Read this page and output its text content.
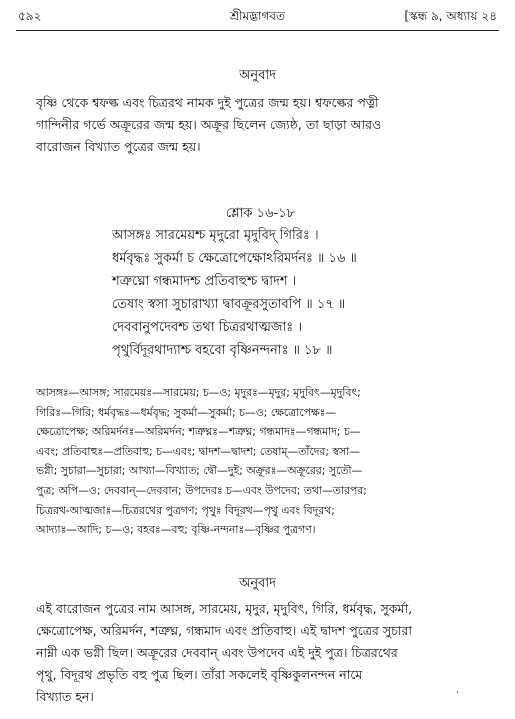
৫৯২	শ্রীমদ্ভাগবত	[স্কন্ধ ৯, অধ্যায় ২৪
অনুবাদ
বৃষ্ণি থেকে শ্বফল্ক এবং চিত্ররথ নামক দুই পুত্রের জন্ম হয়। শ্বফল্কের পত্নী
গান্দিনীর গর্ভে অক্রূরের জন্ম হয়। অক্রূর ছিলেন জ্যেষ্ঠ, তা ছাড়া আরও
বারোজন বিখ্যাত পুত্রের জন্ম হয়।
শ্লোক ১৬-১৮
আসঙ্গঃ সারমেয়শ্চ মৃদুরো মৃদুবিদ্ গিরিঃ ।
ধর্মবৃদ্ধঃ সুকর্মা চ ক্ষেত্রোপেক্ষোঽরিমর্দনঃ ॥ ১৬ ॥
শত্রুঘ্নো গন্ধমাদশ্চ প্রতিবাহুশ্চ দ্বাদশ ।
তেষাং স্বসা সুচারাখ্যা দ্বাবক্রূরসুতাবপি ॥ ১৭ ॥
দেববানুপদেবশ্চ তথা চিত্ররথাত্মজাঃ ।
পৃথুর্বিদূরথাদ্যাশ্চ বহবো বৃষ্ণিনন্দনাঃ ॥ ১৮ ॥
আসঙ্গঃ—আসঙ্গ; সারমেয়ঃ—সারমেয়; চ—ও; মৃদুরঃ—মৃদুর; মৃদুবিৎ—মৃদুবিৎ;
গিরিঃ—গিরি; ধর্মবৃদ্ধঃ—ধর্মবৃদ্ধ; সুকর্মা—সুকর্মা; চ—ও; ক্ষেত্রোপেক্ষঃ—
ক্ষেত্রোপেক্ষ; অরিমর্দনঃ—অরিমর্দন; শত্রুঘ্নঃ—শত্রুঘ্ন; গন্ধমাদঃ—গন্ধমাদ; চ—
এবং; প্রতিবাহুঃ—প্রতিবাহু; চ—এবং; দ্বাদশ—দ্বাদশ; তেষাম্—তাঁদের; স্বসা—
ভগ্নী; সুচারা—সুচারা; আখ্যা—বিখ্যাত; দ্বৌ—দুই; অক্রূরঃ—অক্রূরের; সুতৌ—
পুত্র; অপি—ও; দেববান্—দেববান; উপদেবঃ চ—এবং উপদেব; তথা—তারপর;
চিত্ররথ-আত্মজাঃ—চিত্ররথের পুত্রগণ; পৃথুঃ বিদূরথ—পৃথু এবং বিদূরথ;
আদ্যাঃ—আদি; চ—ও; বহবঃ—বহু; বৃষ্ণি-নন্দনাঃ—বৃষ্ণির পুত্রগণ।
অনুবাদ
এই বারোজন পুত্রের নাম আসঙ্গ, সারমেয়, মৃদুর, মৃদুবিৎ, গিরি, ধর্মবৃদ্ধ, সুকর্মা,
ক্ষেত্রোপেক্ষ, অরিমর্দন, শত্রুঘ্ন, গন্ধমাদ এবং প্রতিবাহু। এই দ্বাদশ পুত্রের সুচারা
নাম্নী এক ভগ্নী ছিল। অক্রূরের দেববান্ এবং উপদেব এই দুই পুত্র। চিত্ররথের
পৃথু, বিদূরথ প্রভৃতি বহু পুত্র ছিল। তাঁরা সকলেই বৃষ্ণিকুলনন্দন নামে
বিখ্যাত হন।	·
